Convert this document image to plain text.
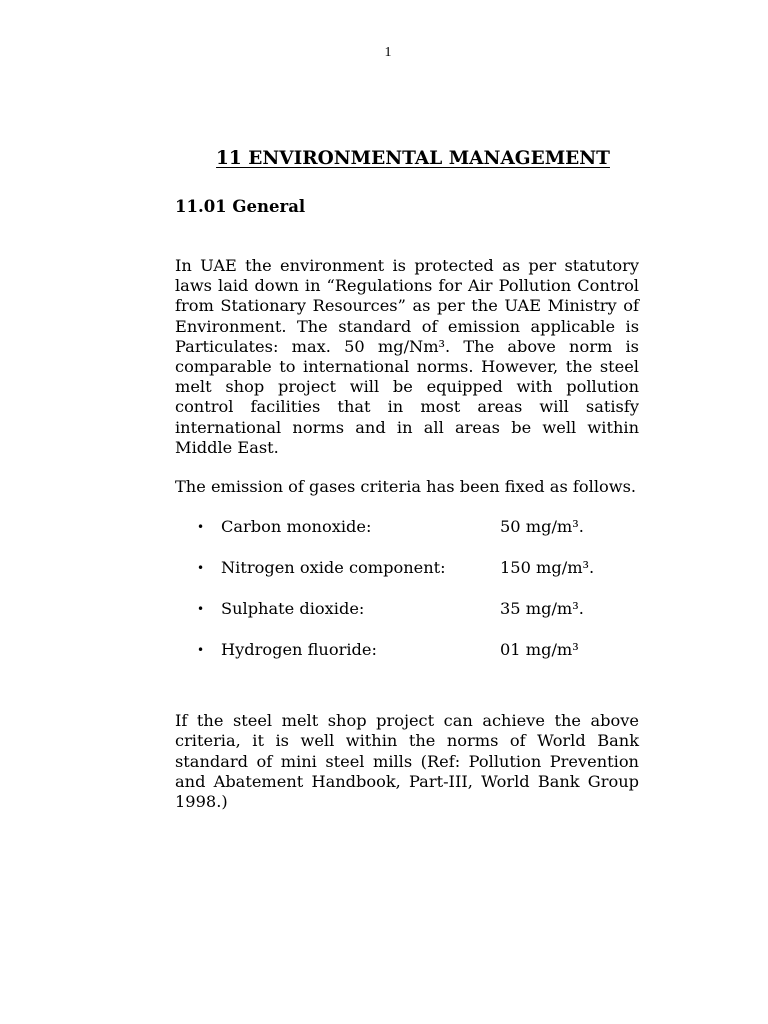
1
11 ENVIRONMENTAL MANAGEMENT
11.01 General

In UAE the environment is protected as per statutory laws laid down in “Regulations for Air Pollution Control from Stationary Resources” as per the UAE Ministry of Environment. The standard of emission applicable is Particulates: max. 50 mg/Nm³. The above norm is comparable to international norms. However, the steel melt shop project will be equipped with pollution control facilities that in most areas will satisfy international norms and in all areas be well within Middle East.

The emission of gases criteria has been fixed as follows.

• Carbon monoxide:	50 mg/m³.
• Nitrogen oxide component:	150 mg/m³.
• Sulphate dioxide:	35 mg/m³.
• Hydrogen fluoride:	01 mg/m³

If the steel melt shop project can achieve the above criteria, it is well within the norms of World Bank standard of mini steel mills (Ref: Pollution Prevention and Abatement Handbook, Part-III, World Bank Group 1998.)
